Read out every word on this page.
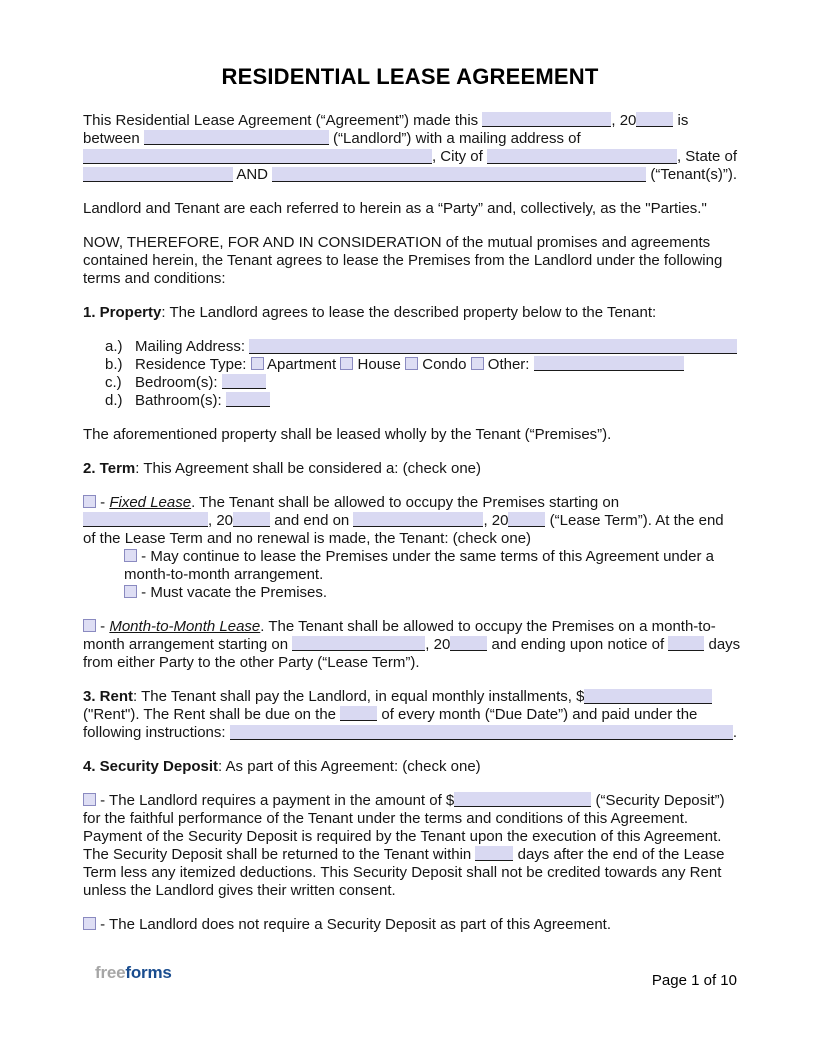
RESIDENTIAL LEASE AGREEMENT
This Residential Lease Agreement (“Agreement”) made this	, 20 is
between	(“Landlord”) with a mailing address of
, City of	, State of
AND	(“Tenant(s)”).
Landlord and Tenant are each referred to herein as a “Party” and, collectively, as the "Parties."
NOW, THEREFORE, FOR AND IN CONSIDERATION of the mutual promises and agreements
contained herein, the Tenant agrees to lease the Premises from the Landlord under the following
terms and conditions:
1. Property: The Landlord agrees to lease the described property below to the Tenant:
a.) Mailing Address:
b.) Residence Type:  Apartment  House  Condo  Other:
c.) Bedroom(s):
d.) Bathroom(s):
The aforementioned property shall be leased wholly by the Tenant (“Premises”).
2. Term: This Agreement shall be considered a: (check one)
- Fixed Lease. The Tenant shall be allowed to occupy the Premises starting on
, 20 and end on	, 20 (“Lease Term”). At the end
of the Lease Term and no renewal is made, the Tenant: (check one)
- May continue to lease the Premises under the same terms of this Agreement under a
month-to-month arrangement.
- Must vacate the Premises.
- Month-to-Month Lease. The Tenant shall be allowed to occupy the Premises on a month-to-
month arrangement starting on	, 20 and ending upon notice of  days
from either Party to the other Party (“Lease Term”).
3. Rent : The Tenant shall pay the Landlord, in equal monthly installments, $
("Rent"). The Rent shall be due on the  of every month (“Due Date”) and paid under the
following instructions:	.
4. Security Deposit: As part of this Agreement: (check one)
- The Landlord requires a payment in the amount of $	(“Security Deposit”)
for the faithful performance of the Tenant under the terms and conditions of this Agreement.
Payment of the Security Deposit is required by the Tenant upon the execution of this Agreement.
The Security Deposit shall be returned to the Tenant within	days after the end of the Lease
Term less any itemized deductions. This Security Deposit shall not be credited towards any Rent
unless the Landlord gives their written consent.
- The Landlord does not require a Security Deposit as part of this Agreement.
freeforms	Page 1 of 10
